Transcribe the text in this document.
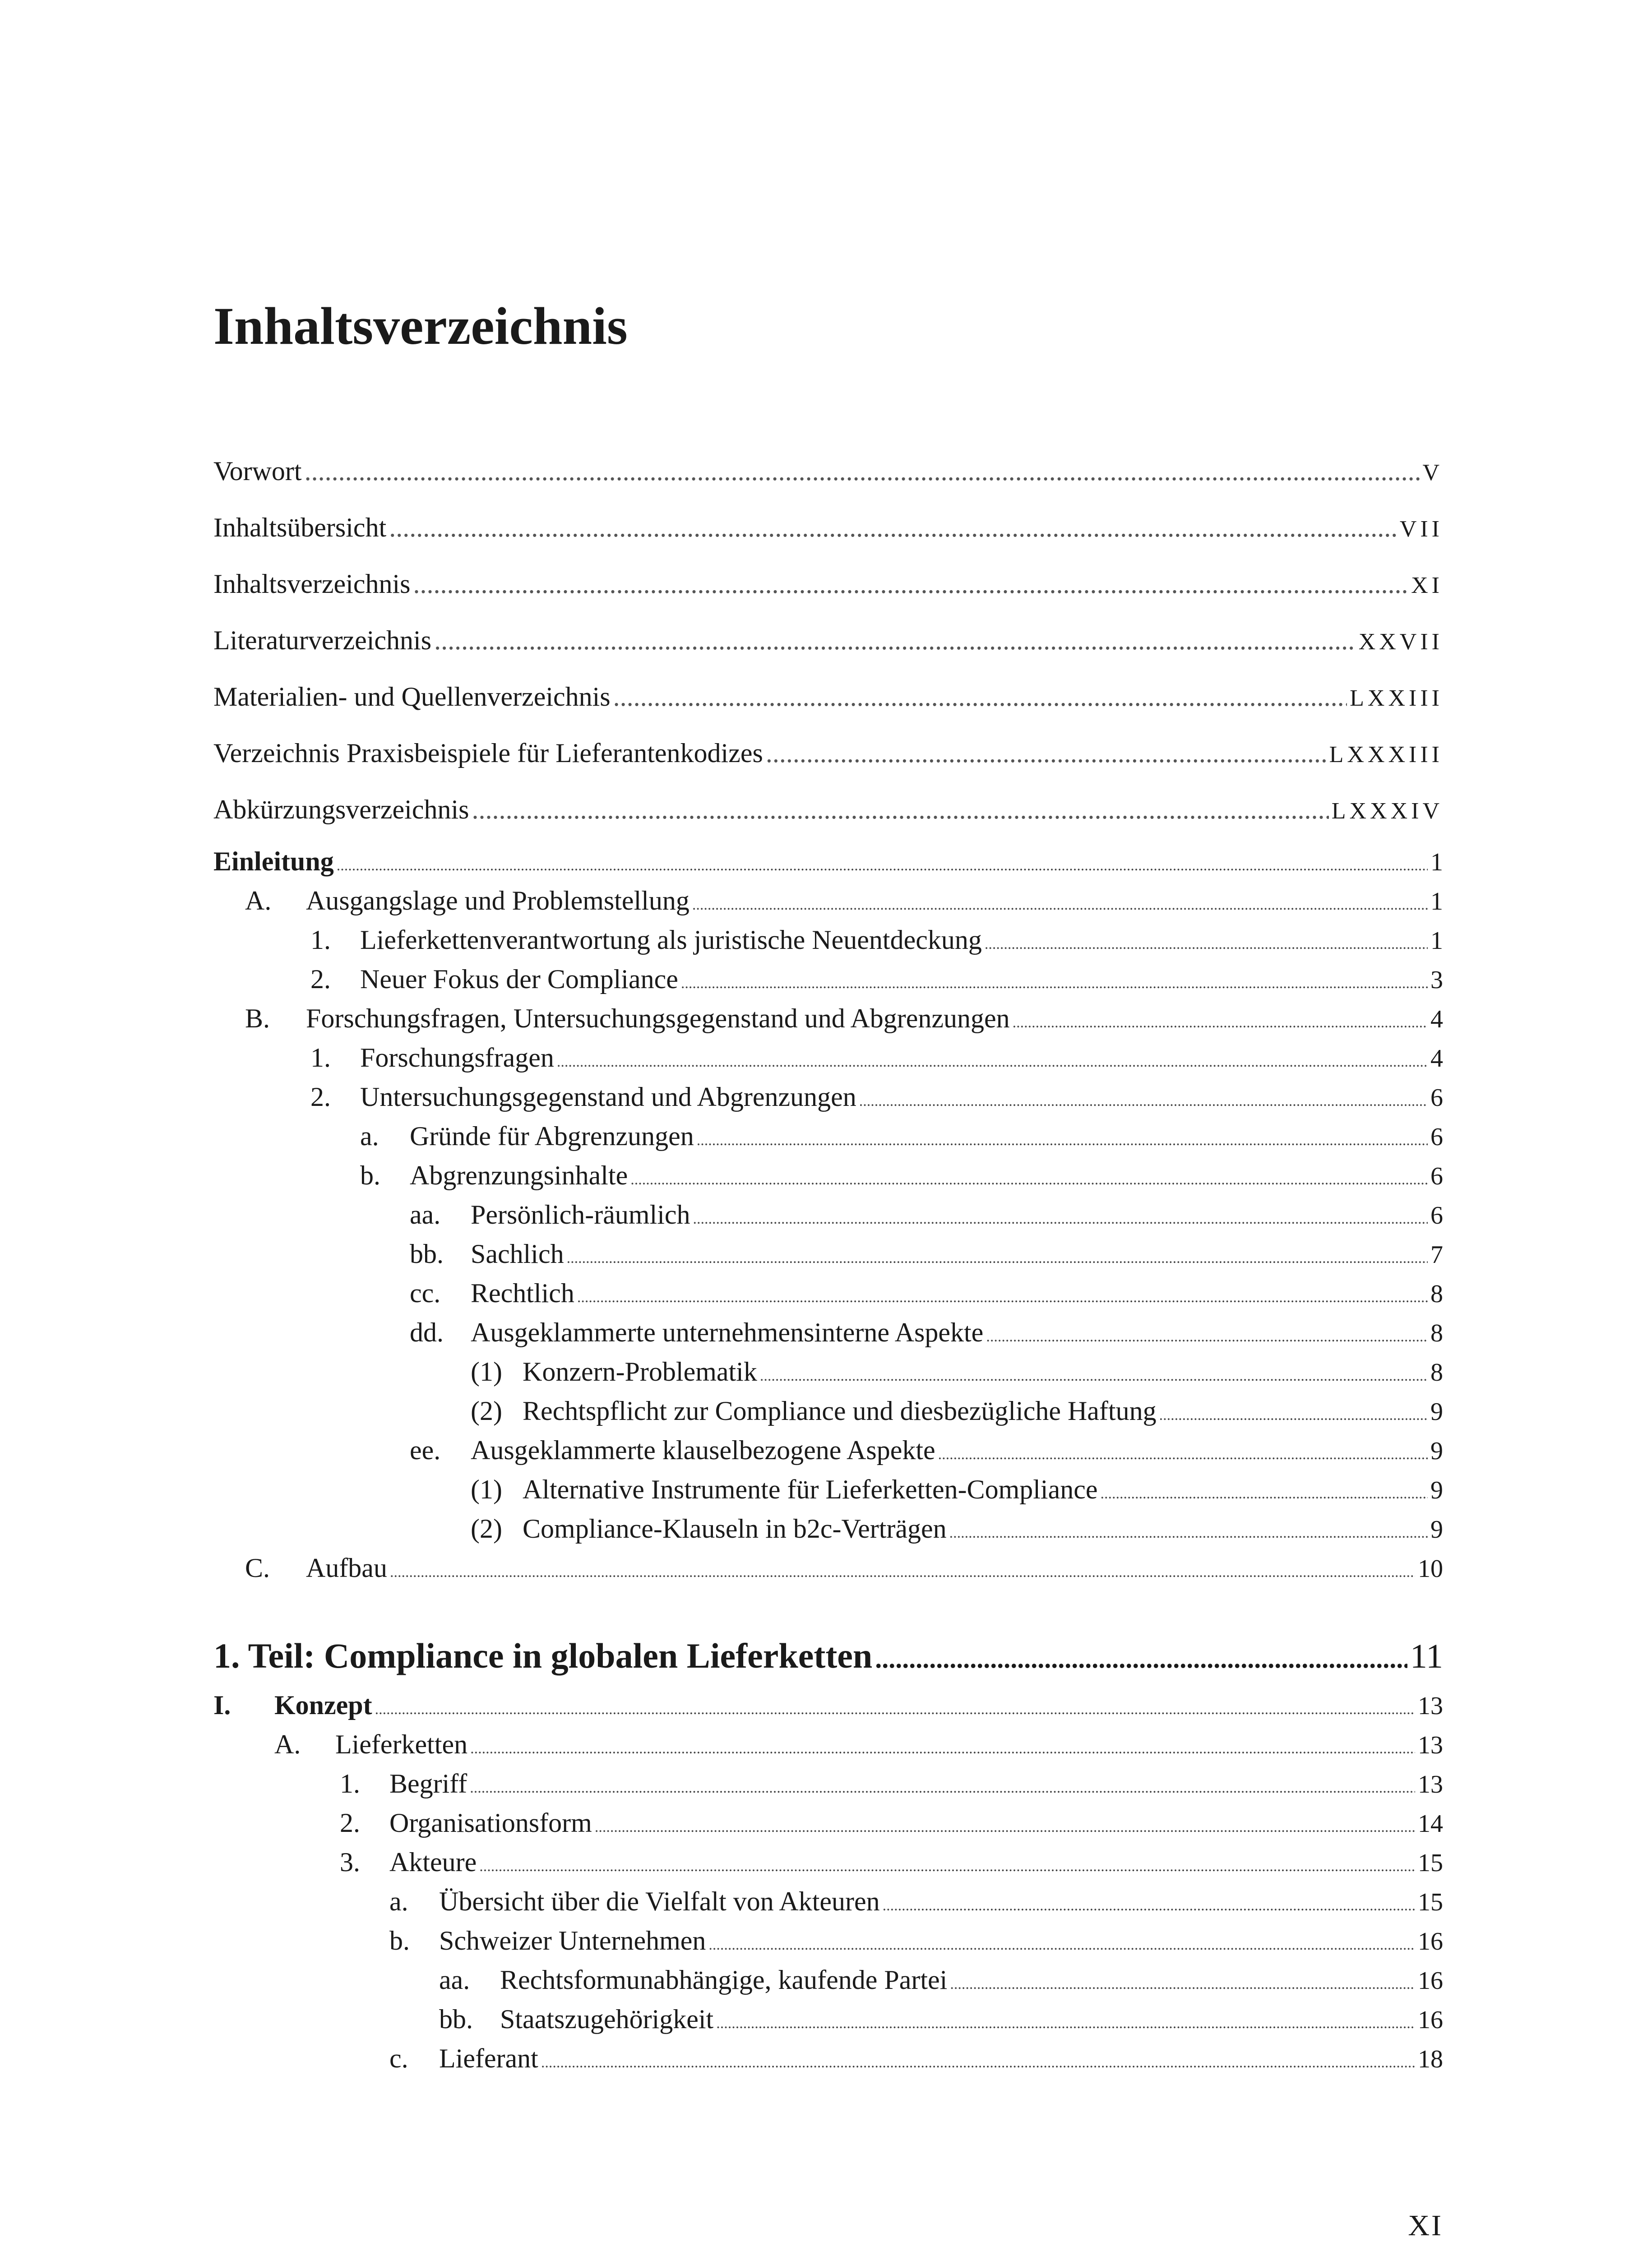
Inhaltsverzeichnis
Vorwort .....	V
Inhaltsübersicht .....	VII
Inhaltsverzeichnis .....	XI
Literaturverzeichnis .....	XXVII
Materialien- und Quellenverzeichnis .....	LXXIII
Verzeichnis Praxisbeispiele für Lieferantenkodizes .....	LXXXIII
Abkürzungsverzeichnis .....	LXXXIV
Einleitung .....	1
A.	Ausgangslage und Problemstellung .....	1
1.	Lieferkettenverantwortung als juristische Neuentdeckung .....	1
2.	Neuer Fokus der Compliance .....	3
B.	Forschungsfragen, Untersuchungsgegenstand und Abgrenzungen .....	4
1.	Forschungsfragen .....	4
2.	Untersuchungsgegenstand und Abgrenzungen .....	6
a.	Gründe für Abgrenzungen .....	6
b.	Abgrenzungsinhalte .....	6
aa.	Persönlich-räumlich .....	6
bb.	Sachlich .....	7
cc.	Rechtlich .....	8
dd.	Ausgeklammerte unternehmensinterne Aspekte .....	8
(1) Konzern-Problematik .....	8
(2) Rechtspflicht zur Compliance und diesbezügliche Haftung .....	9
ee.	Ausgeklammerte klauselbezogene Aspekte .....	9
(1) Alternative Instrumente für Lieferketten-Compliance .....	9
(2) Compliance-Klauseln in b2c-Verträgen .....	9
C.	Aufbau .....	10
1. Teil: Compliance in globalen Lieferketten .....	11
I.	Konzept .....	13
A.	Lieferketten .....	13
1.	Begriff .....	13
2.	Organisationsform .....	14
3.	Akteure .....	15
a.	Übersicht über die Vielfalt von Akteuren .....	15
b.	Schweizer Unternehmen .....	16
aa.	Rechtsformunabhängige, kaufende Partei .....	16
bb.	Staatszugehörigkeit .....	16
c.	Lieferant .....	18
XI
